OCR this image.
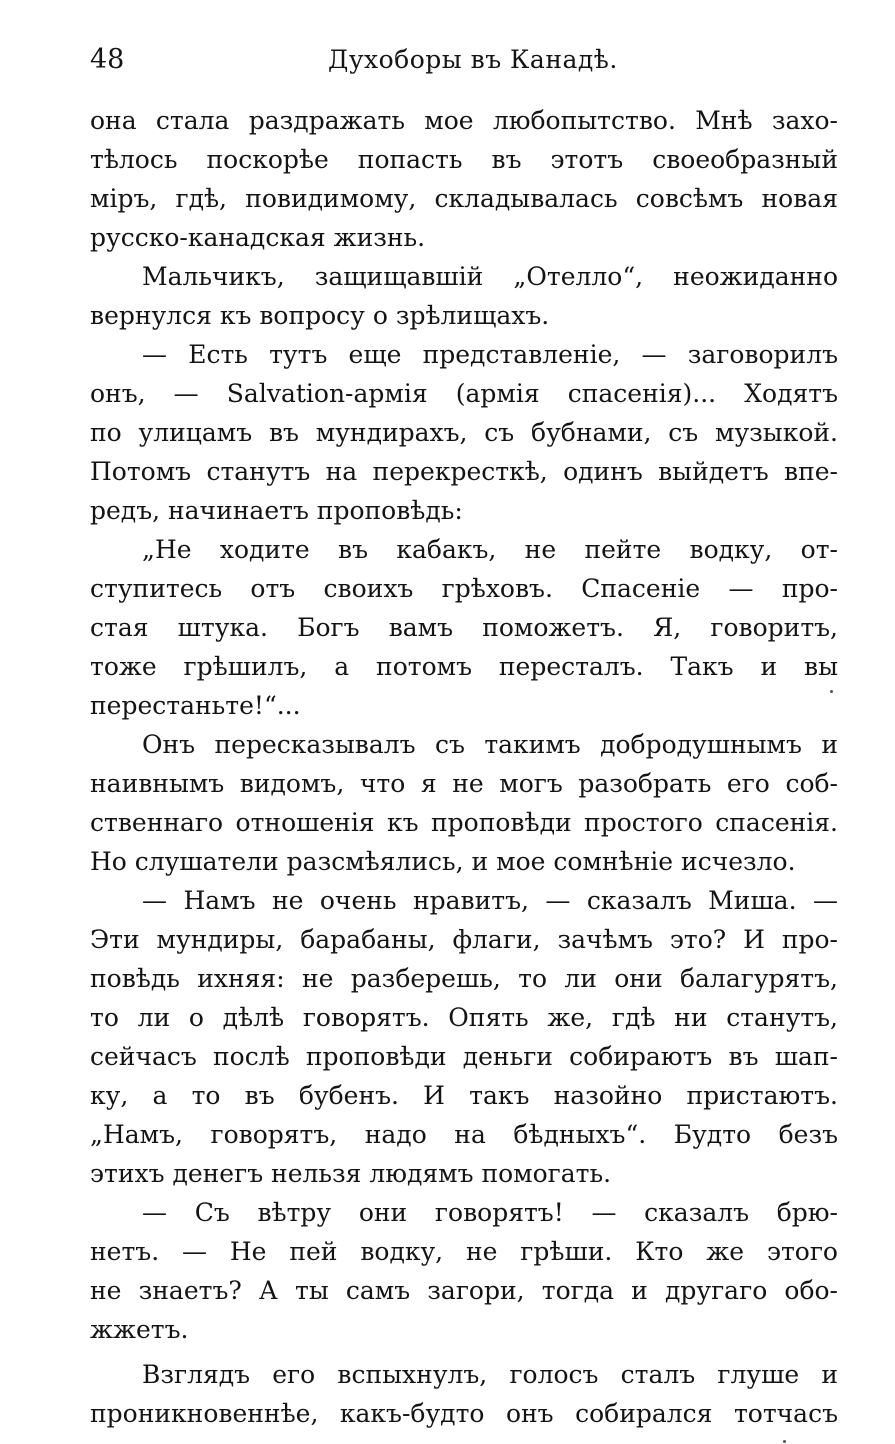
48	Духоборы въ Канадѣ.
она стала раздражать мое любопытство. Мнѣ захо-
тѣлось поскорѣе попасть въ этотъ своеобразный
міръ, гдѣ, повидимому, складывалась совсѣмъ новая
русско-канадская жизнь.
Мальчикъ, защищавшій „Отелло“, неожиданно
вернулся къ вопросу о зрѣлищахъ.
— Есть тутъ еще представленіе, — заговорилъ
онъ, — Salvation-армія (армія спасенія)... Ходятъ
по улицамъ въ мундирахъ, съ бубнами, съ музыкой.
Потомъ станутъ на перекресткѣ, одинъ выйдетъ впе-
редъ, начинаетъ проповѣдь:
„Не ходите въ кабакъ, не пейте водку, от-
ступитесь отъ своихъ грѣховъ. Спасеніе — про-
стая штука. Богъ вамъ поможетъ. Я, говоритъ,
тоже грѣшилъ, а потомъ пересталъ. Такъ и вы
перестаньте!“...
Онъ пересказывалъ съ такимъ добродушнымъ и
наивнымъ видомъ, что я не могъ разобрать его соб-
ственнаго отношенія къ проповѣди простого спасенія.
Но слушатели разсмѣялись, и мое сомнѣніе исчезло.
— Намъ не очень нравитъ, — сказалъ Миша. —
Эти мундиры, барабаны, флаги, зачѣмъ это? И про-
повѣдь ихняя: не разберешь, то ли они балагурятъ,
то ли о дѣлѣ говорятъ. Опять же, гдѣ ни станутъ,
сейчасъ послѣ проповѣди деньги собираютъ въ шап-
ку, а то въ бубенъ. И такъ назойно пристаютъ.
„Намъ, говорятъ, надо на бѣдныхъ“. Будто безъ
этихъ денегъ нельзя людямъ помогать.
— Съ вѣтру они говорятъ! — сказалъ брю-
нетъ. — Не пей водку, не грѣши. Кто же этого
не знаетъ? А ты самъ загори, тогда и другаго обо-
жжетъ.
Взглядъ его вспыхнулъ, голосъ сталъ глуше и
проникновеннѣе, какъ-будто онъ собирался тотчасъ
